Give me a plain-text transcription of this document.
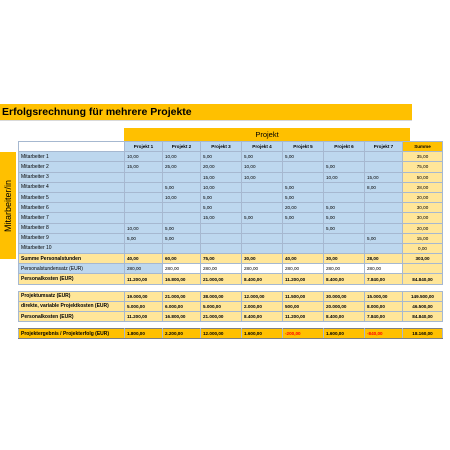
Erfolgsrechnung für mehrere Projekte
Projekt
Mitarbeiter/in
	Projekt 1	Projekt 2	Projekt 3	Projekt 4	Projekt 5	Projekt 6	Projekt 7	Summe
Mitarbeiter 1	10,00	10,00	5,00	5,00	5,00			35,00
Mitarbeiter 2	15,00	25,00	20,00	10,00		5,00		75,00
Mitarbeiter 3			15,00	10,00		10,00	15,00	50,00
Mitarbeiter 4		5,00	10,00		5,00		8,00	28,00
Mitarbeiter 5		10,00	5,00		5,00			20,00
Mitarbeiter 6			5,00		20,00	5,00		30,00
Mitarbeiter 7			15,00	5,00	5,00	5,00		30,00
Mitarbeiter 8	10,00	5,00				5,00		20,00
Mitarbeiter 9	5,00	5,00					5,00	15,00
Mitarbeiter 10								0,00
Summe Personalstunden	40,00	60,00	75,00	30,00	40,00	30,00	28,00	303,00
Personalstundensatz (EUR)	280,00	280,00	280,00	280,00	280,00	280,00	280,00	
Personalkosten (EUR)	11.200,00	16.800,00	21.000,00	8.400,00	11.200,00	8.400,00	7.840,00	84.840,00

Projektumsatz (EUR)	19.000,00	21.000,00	38.000,00	12.000,00	11.500,00	30.000,00	15.000,00	149.500,00
direkte, variable Projektkosten (EUR)	5.000,00	6.000,00	5.000,00	2.000,00	500,00	20.000,00	8.000,00	46.500,00
Personalkosten (EUR)	11.200,00	16.800,00	21.000,00	8.400,00	11.200,00	8.400,00	7.840,00	84.840,00

Projektergebnis / Projekterfolg (EUR)	1.800,00	2.200,00	12.000,00	1.600,00	-200,00	1.600,00	-840,00	18.160,00
